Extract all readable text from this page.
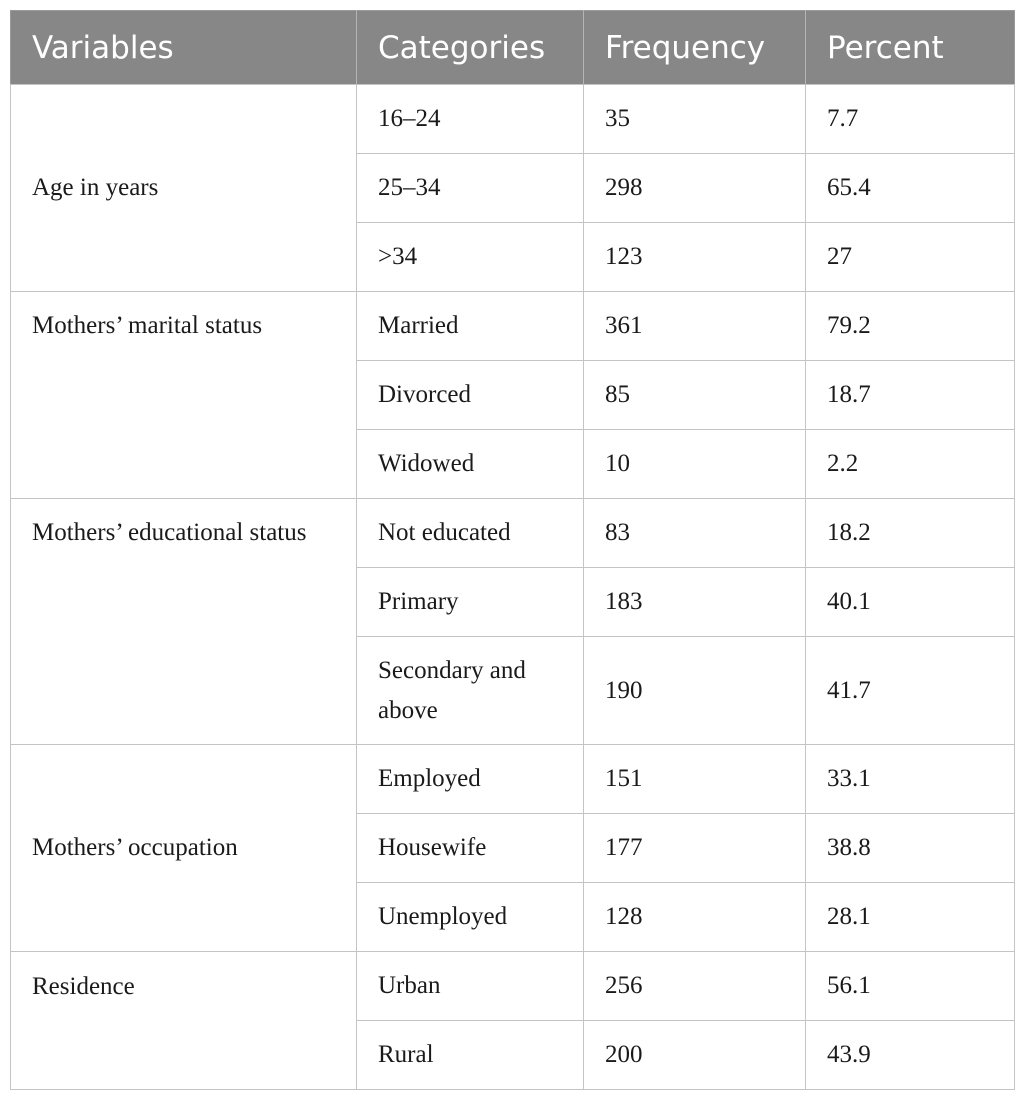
Variables	Categories	Frequency	Percent
Age in years	16–24	35	7.7
	25–34	298	65.4
	>34	123	27
Mothers’ marital status	Married	361	79.2
	Divorced	85	18.7
	Widowed	10	2.2
Mothers’ educational status	Not educated	83	18.2
	Primary	183	40.1
	Secondary and above	190	41.7
Mothers’ occupation	Employed	151	33.1
	Housewife	177	38.8
	Unemployed	128	28.1
Residence	Urban	256	56.1
	Rural	200	43.9
